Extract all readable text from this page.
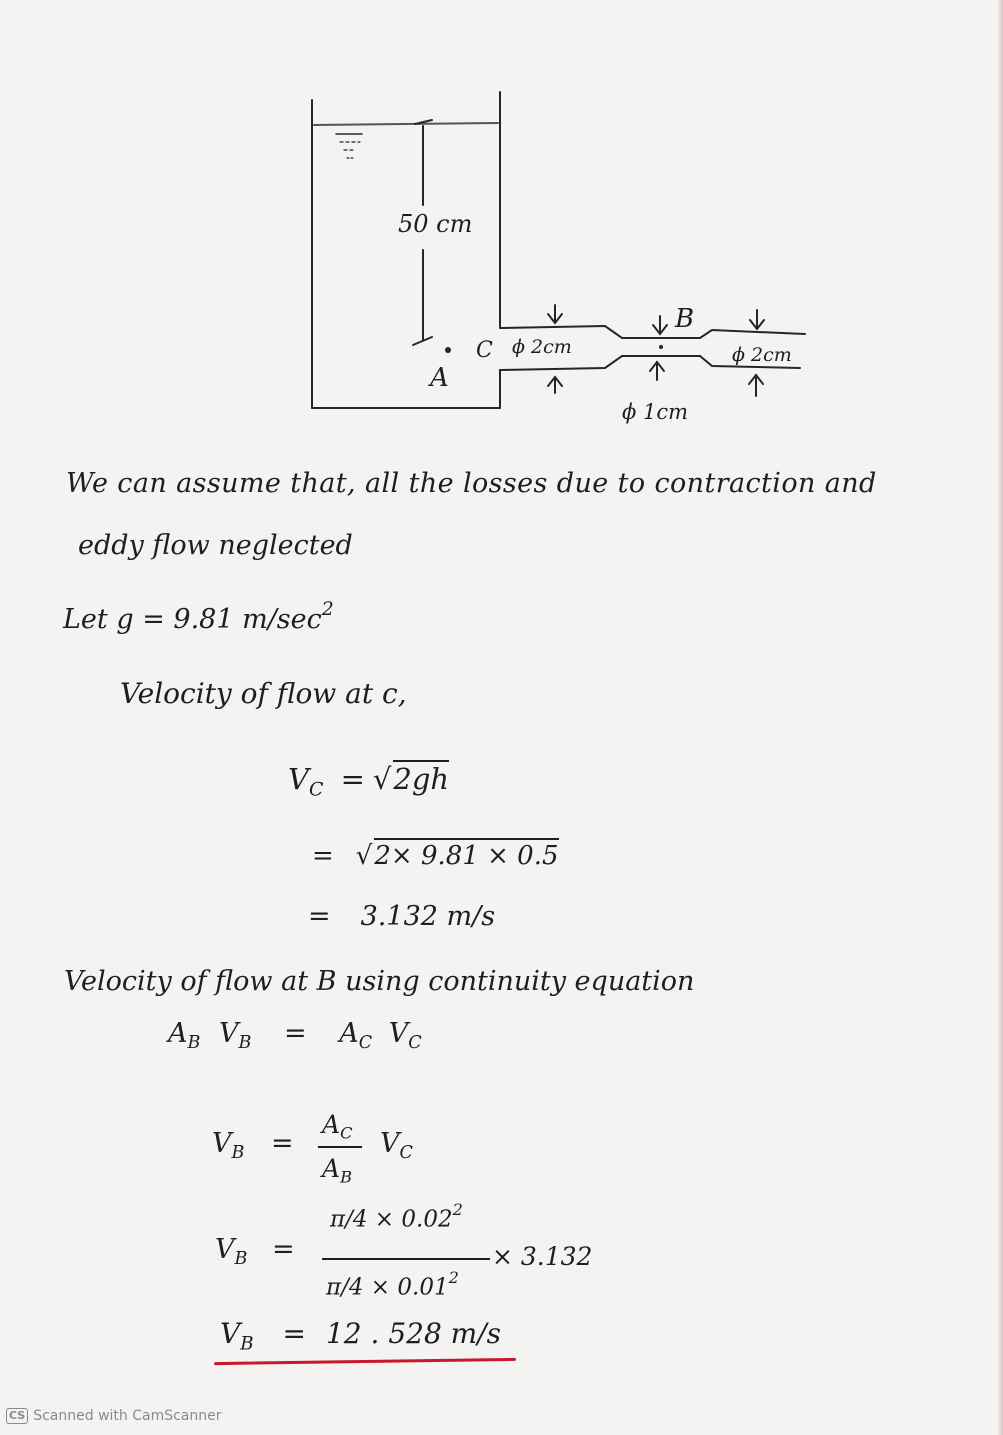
50 cm
A
C ϕ 2cm
B
ϕ 1cm
ϕ 2cm
We can assume that, all the losses due to contraction and
eddy flow neglected
Let g = 9.81 $m/\sec^2$
Velocity of flow at c,
$V_C = √2gh$
= √2× 9.81 × 0.5
= 3.132 m/s
Velocity of flow at B using continuity equation
$A_B$ $V_B = A_C$ $V_C$
$V_B$ =
$A_C$
$A_B$
$V_C$
$V_B$ =
$\pi/4 \times 0.02^2$
× 3.132
$\pi/4 \times 0.01^2$
$V_B = 12$ . 528 m/s
CS Scanned with CamScanner
